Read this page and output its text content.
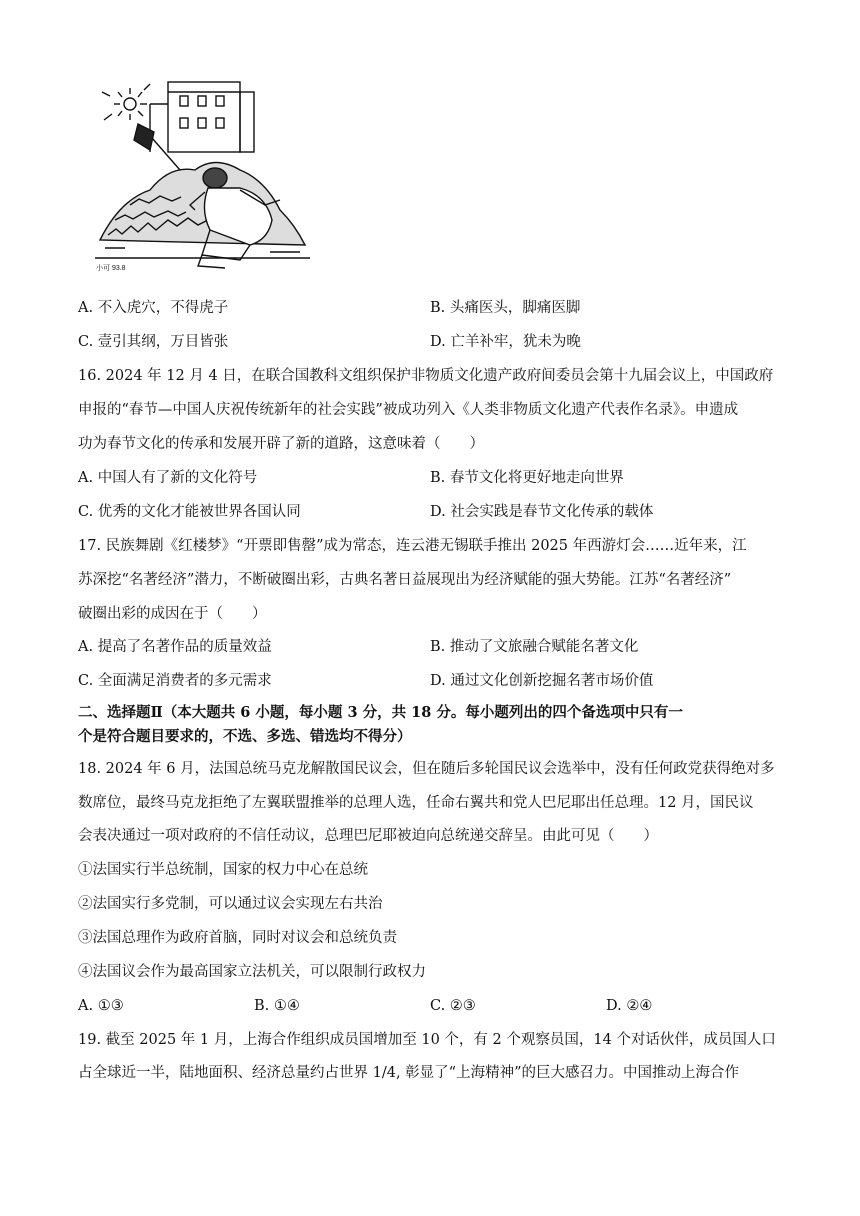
小可 93.8
A. 不入虎穴，不得虎子	B. 头痛医头，脚痛医脚
C. 壹引其纲，万目皆张	D. 亡羊补牢，犹未为晚
16. 2024 年 12 月 4 日，在联合国教科文组织保护非物质文化遗产政府间委员会第十九届会议上，中国政府
申报的“春节—中国人庆祝传统新年的社会实践”被成功列入《人类非物质文化遗产代表作名录》。申遗成
功为春节文化的传承和发展开辟了新的道路，这意味着（　　）
A. 中国人有了新的文化符号	B. 春节文化将更好地走向世界
C. 优秀的文化才能被世界各国认同	D. 社会实践是春节文化传承的载体
17. 民族舞剧《红楼梦》“开票即售罄”成为常态，连云港无锡联手推出 2025 年西游灯会……近年来，江
苏深挖“名著经济”潜力，不断破圈出彩，古典名著日益展现出为经济赋能的强大势能。江苏“名著经济”
破圈出彩的成因在于（　　）
A. 提高了名著作品的质量效益	B. 推动了文旅融合赋能名著文化
C. 全面满足消费者的多元需求	D. 通过文化创新挖掘名著市场价值
二、选择题Ⅱ（本大题共 6 小题，每小题 3 分，共 18 分。每小题列出的四个备选项中只有一
个是符合题目要求的，不选、多选、错选均不得分）
18. 2024 年 6 月，法国总统马克龙解散国民议会，但在随后多轮国民议会选举中，没有任何政党获得绝对多
数席位，最终马克龙拒绝了左翼联盟推举的总理人选，任命右翼共和党人巴尼耶出任总理。12 月，国民议
会表决通过一项对政府的不信任动议，总理巴尼耶被迫向总统递交辞呈。由此可见（　　）
①法国实行半总统制，国家的权力中心在总统
②法国实行多党制，可以通过议会实现左右共治
③法国总理作为政府首脑，同时对议会和总统负责
④法国议会作为最高国家立法机关，可以限制行政权力
A. ①③	B. ①④	C. ②③	D. ②④
19. 截至 2025 年 1 月，上海合作组织成员国增加至 10 个，有 2 个观察员国，14 个对话伙伴，成员国人口
占全球近一半，陆地面积、经济总量约占世界 1/4, 彰显了“上海精神”的巨大感召力。中国推动上海合作
